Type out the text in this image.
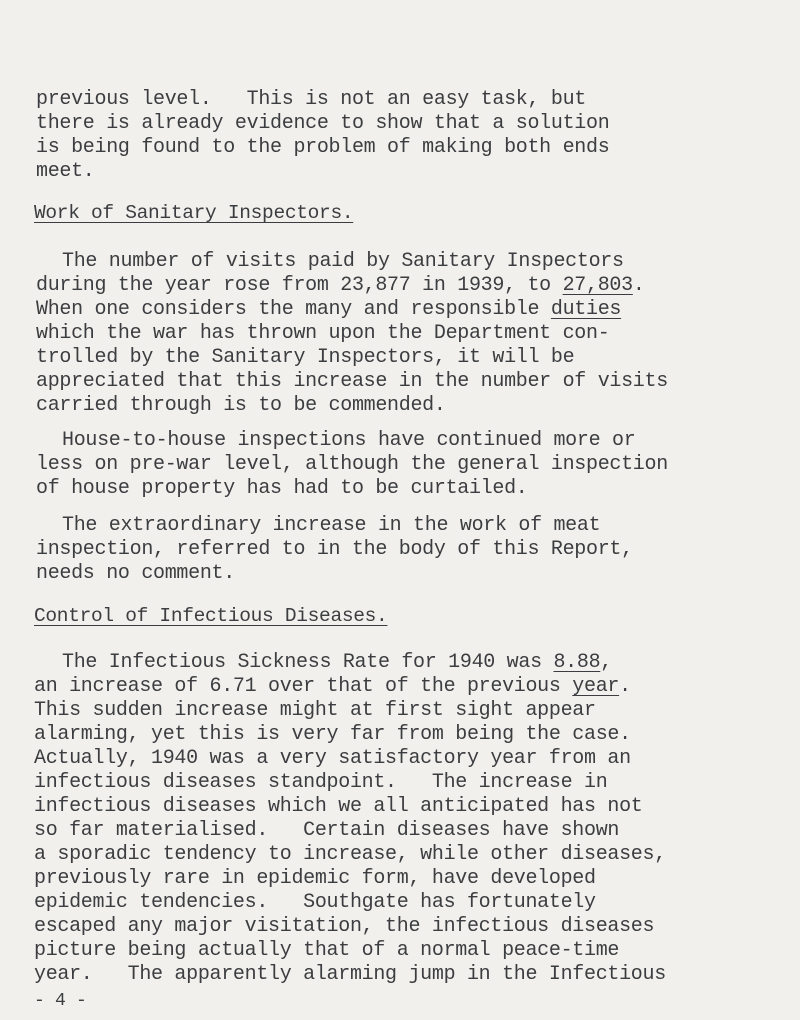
previous level.   This is not an easy task, but
there is already evidence to show that a solution
is being found to the problem of making both ends
meet.
Work of Sanitary Inspectors.
The number of visits paid by Sanitary Inspectors
during the year rose from 23,877 in 1939, to 27,803.
When one considers the many and responsible duties
which the war has thrown upon the Department con-
trolled by the Sanitary Inspectors, it will be
appreciated that this increase in the number of visits
carried through is to be commended.
House-to-house inspections have continued more or
less on pre-war level, although the general inspection
of house property has had to be curtailed.
The extraordinary increase in the work of meat
inspection, referred to in the body of this Report,
needs no comment.
Control of Infectious Diseases.
The Infectious Sickness Rate for 1940 was 8.88,
an increase of 6.71 over that of the previous year.
This sudden increase might at first sight appear
alarming, yet this is very far from being the case.
Actually, 1940 was a very satisfactory year from an
infectious diseases standpoint.   The increase in
infectious diseases which we all anticipated has not
so far materialised.   Certain diseases have shown
a sporadic tendency to increase, while other diseases,
previously rare in epidemic form, have developed
epidemic tendencies.   Southgate has fortunately
escaped any major visitation, the infectious diseases
picture being actually that of a normal peace-time
year.   The apparently alarming jump in the Infectious
- 4 -
